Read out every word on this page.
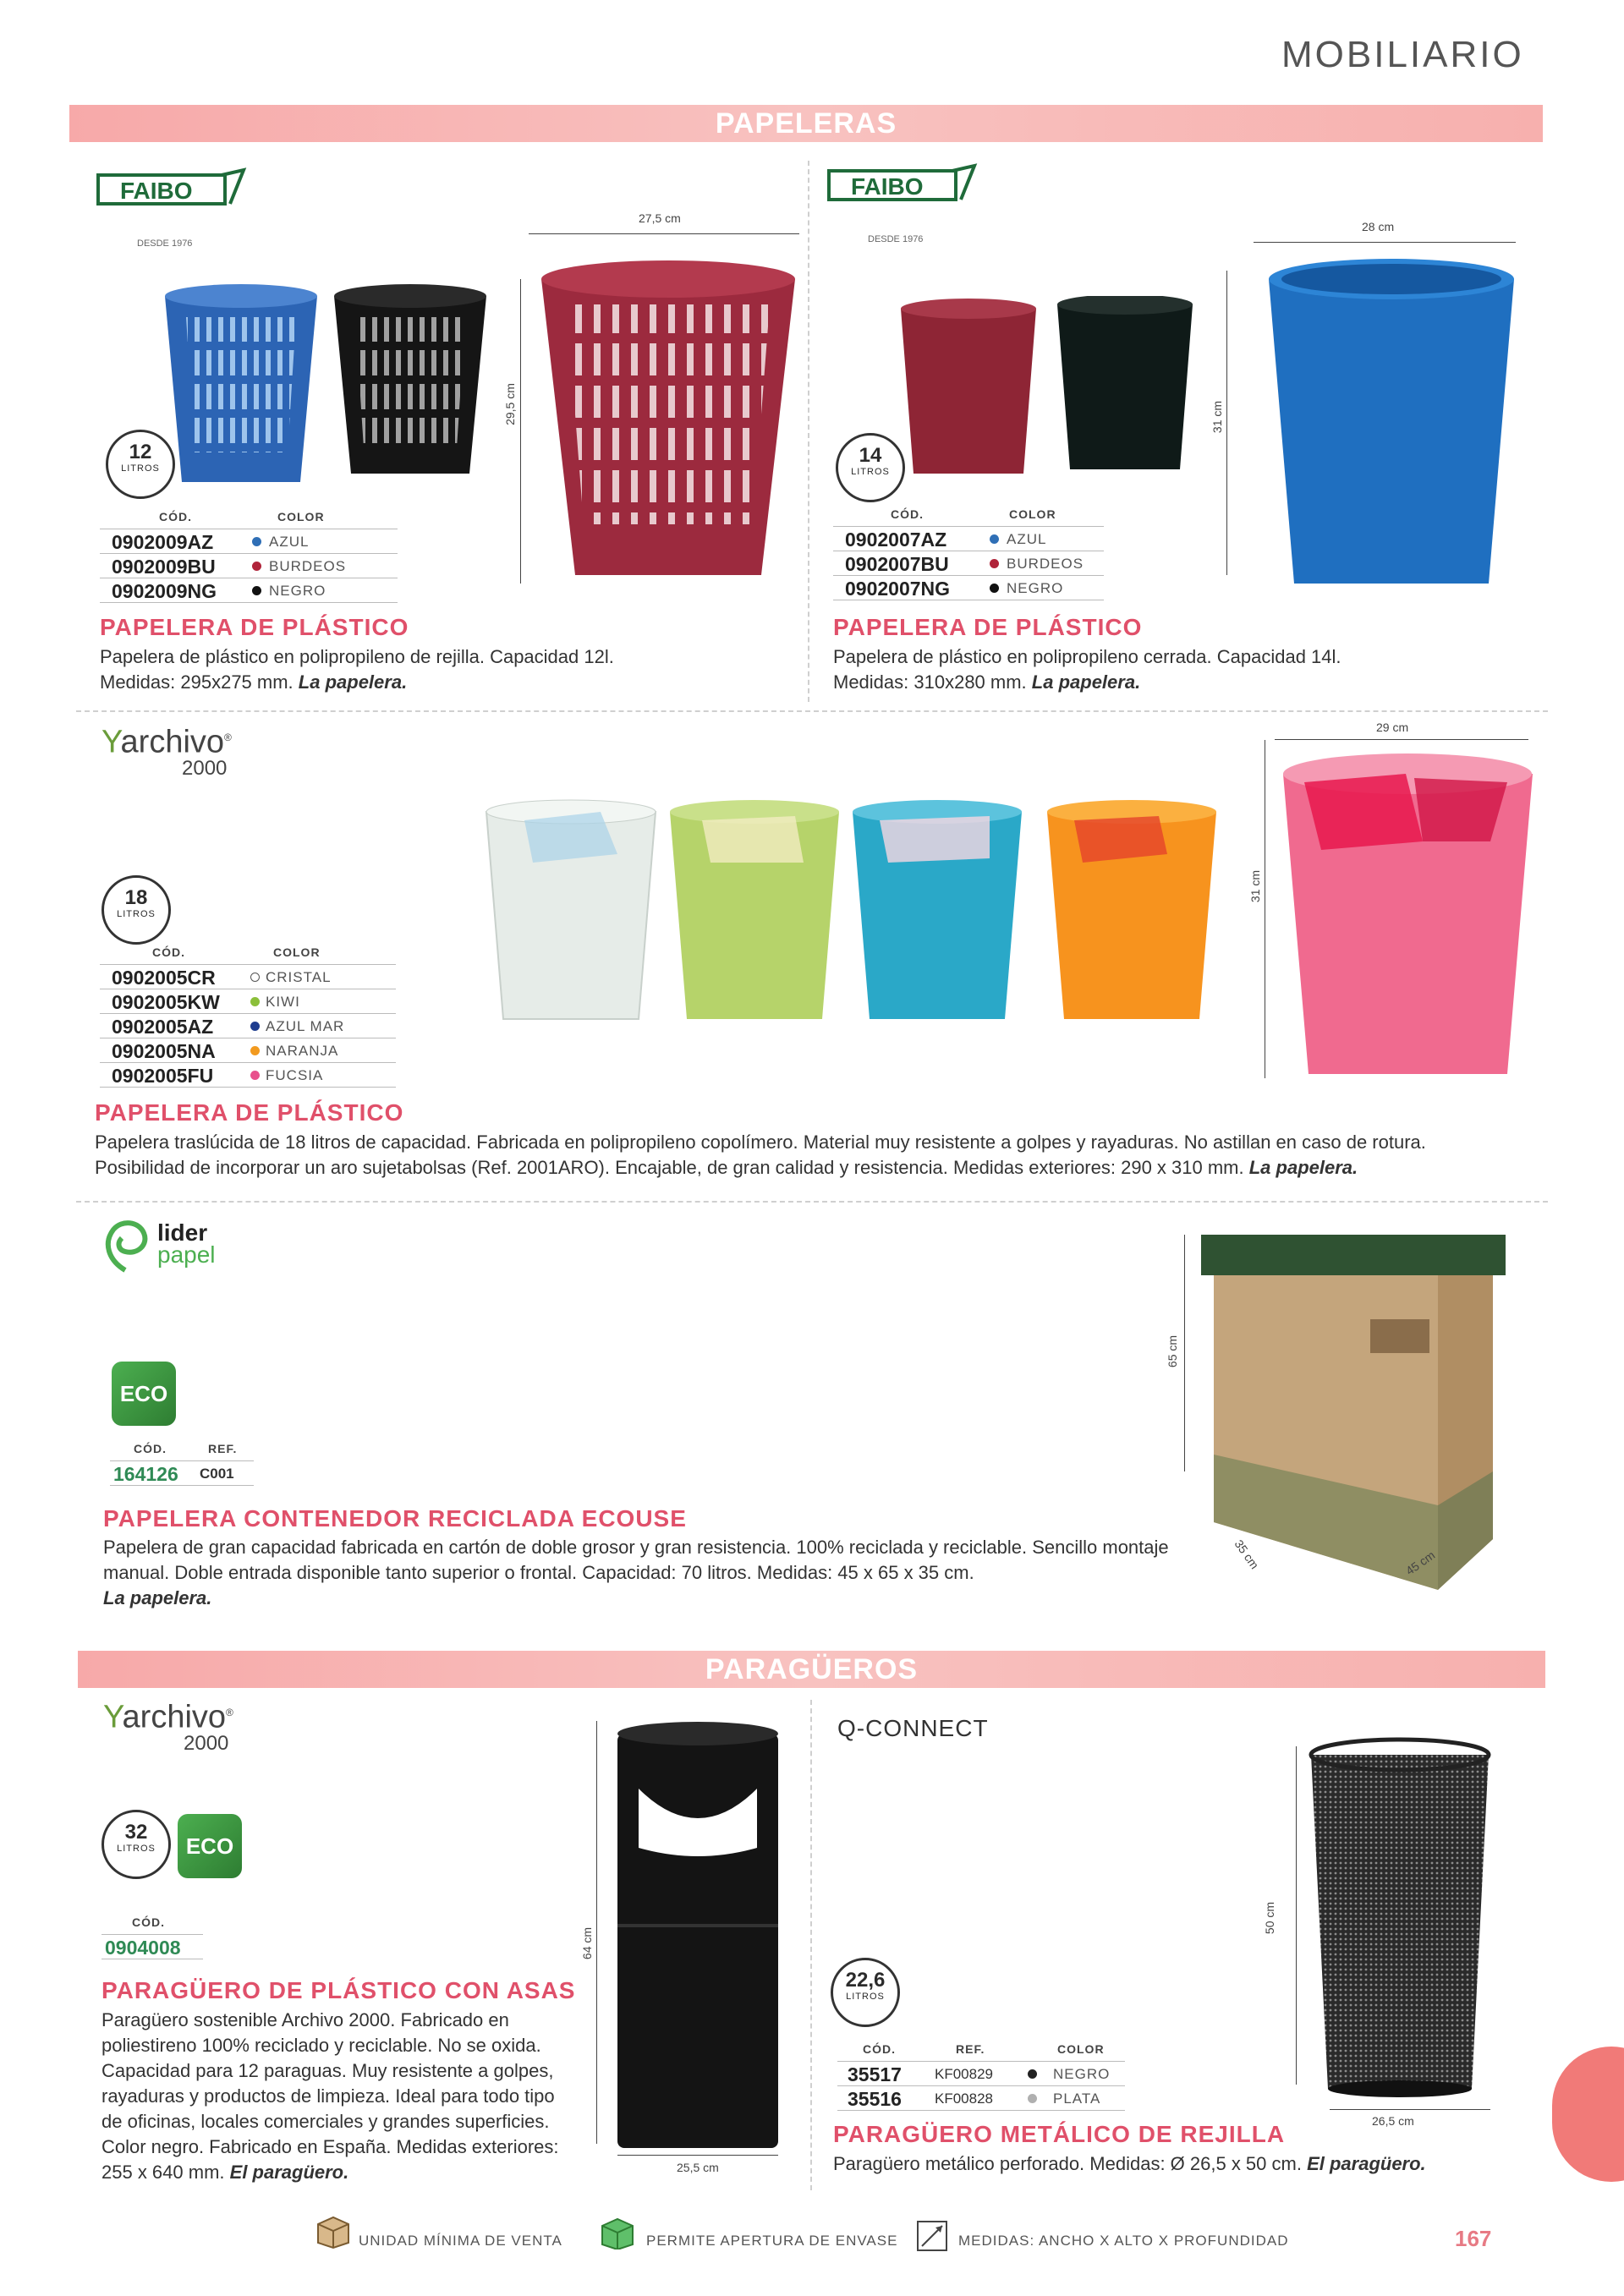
MOBILIARIO
PAPELERAS
FAIBO
DESDE 1976
27,5 cm
29,5 cm
12
LITROS
CÓD.	COLOR
0902009AZ	AZUL
0902009BU	BURDEOS
0902009NG	NEGRO
PAPELERA DE PLÁSTICO
Papelera de plástico en polipropileno de rejilla. Capacidad 12l.
Medidas: 295x275 mm. La papelera.
FAIBO
DESDE 1976
28 cm
31 cm
14
LITROS
CÓD.	COLOR
0902007AZ	AZUL
0902007BU	BURDEOS
0902007NG	NEGRO
PAPELERA DE PLÁSTICO
Papelera de plástico en polipropileno cerrada. Capacidad 14l.
Medidas: 310x280 mm. La papelera.
Yarchivo®
2000
29 cm
31 cm
18
LITROS
CÓD.	COLOR
0902005CR	CRISTAL
0902005KW	KIWI
0902005AZ	AZUL MAR
0902005NA	NARANJA
0902005FU	FUCSIA
PAPELERA DE PLÁSTICO
Papelera traslúcida de 18 litros de capacidad. Fabricada en polipropileno copolímero. Material muy resistente a golpes y rayaduras. No astillan en caso de rotura.
Posibilidad de incorporar un aro sujetabolsas (Ref. 2001ARO). Encajable, de gran calidad y resistencia. Medidas exteriores: 290 x 310 mm. La papelera.
lider
papel
ECO
CÓD.	REF.
164126 C001
PAPELERA CONTENEDOR RECICLADA ECOUSE
Papelera de gran capacidad fabricada en cartón de doble grosor y gran resistencia. 100% reciclada y reciclable. Sencillo montaje manual. Doble entrada disponible tanto superior o frontal. Capacidad: 70 litros. Medidas: 45 x 65 x 35 cm.
La papelera.
65 cm
35 cm	45 cm
PARAGÜEROS
Yarchivo®
2000
32
LITROS	ECO
CÓD.
0904008
PARAGÜERO DE PLÁSTICO CON ASAS
Paragüero sostenible Archivo 2000. Fabricado en poliestireno 100% reciclado y reciclable. No se oxida. Capacidad para 12 paraguas. Muy resistente a golpes, rayaduras y productos de limpieza. Ideal para todo tipo de oficinas, locales comerciales y grandes superficies. Color negro. Fabricado en España. Medidas exteriores: 255 x 640 mm. El paragüero.
64 cm
25,5 cm
Q-CONNECT
22,6
LITROS
CÓD.	REF.	COLOR
35517 KF00829	NEGRO
35516 KF00828	PLATA
PARAGÜERO METÁLICO DE REJILLA
Paragüero metálico perforado. Medidas: Ø 26,5 x 50 cm. El paragüero.
50 cm
26,5 cm
UNIDAD MÍNIMA DE VENTA	PERMITE APERTURA DE ENVASE	MEDIDAS: ANCHO X ALTO X PROFUNDIDAD	167
